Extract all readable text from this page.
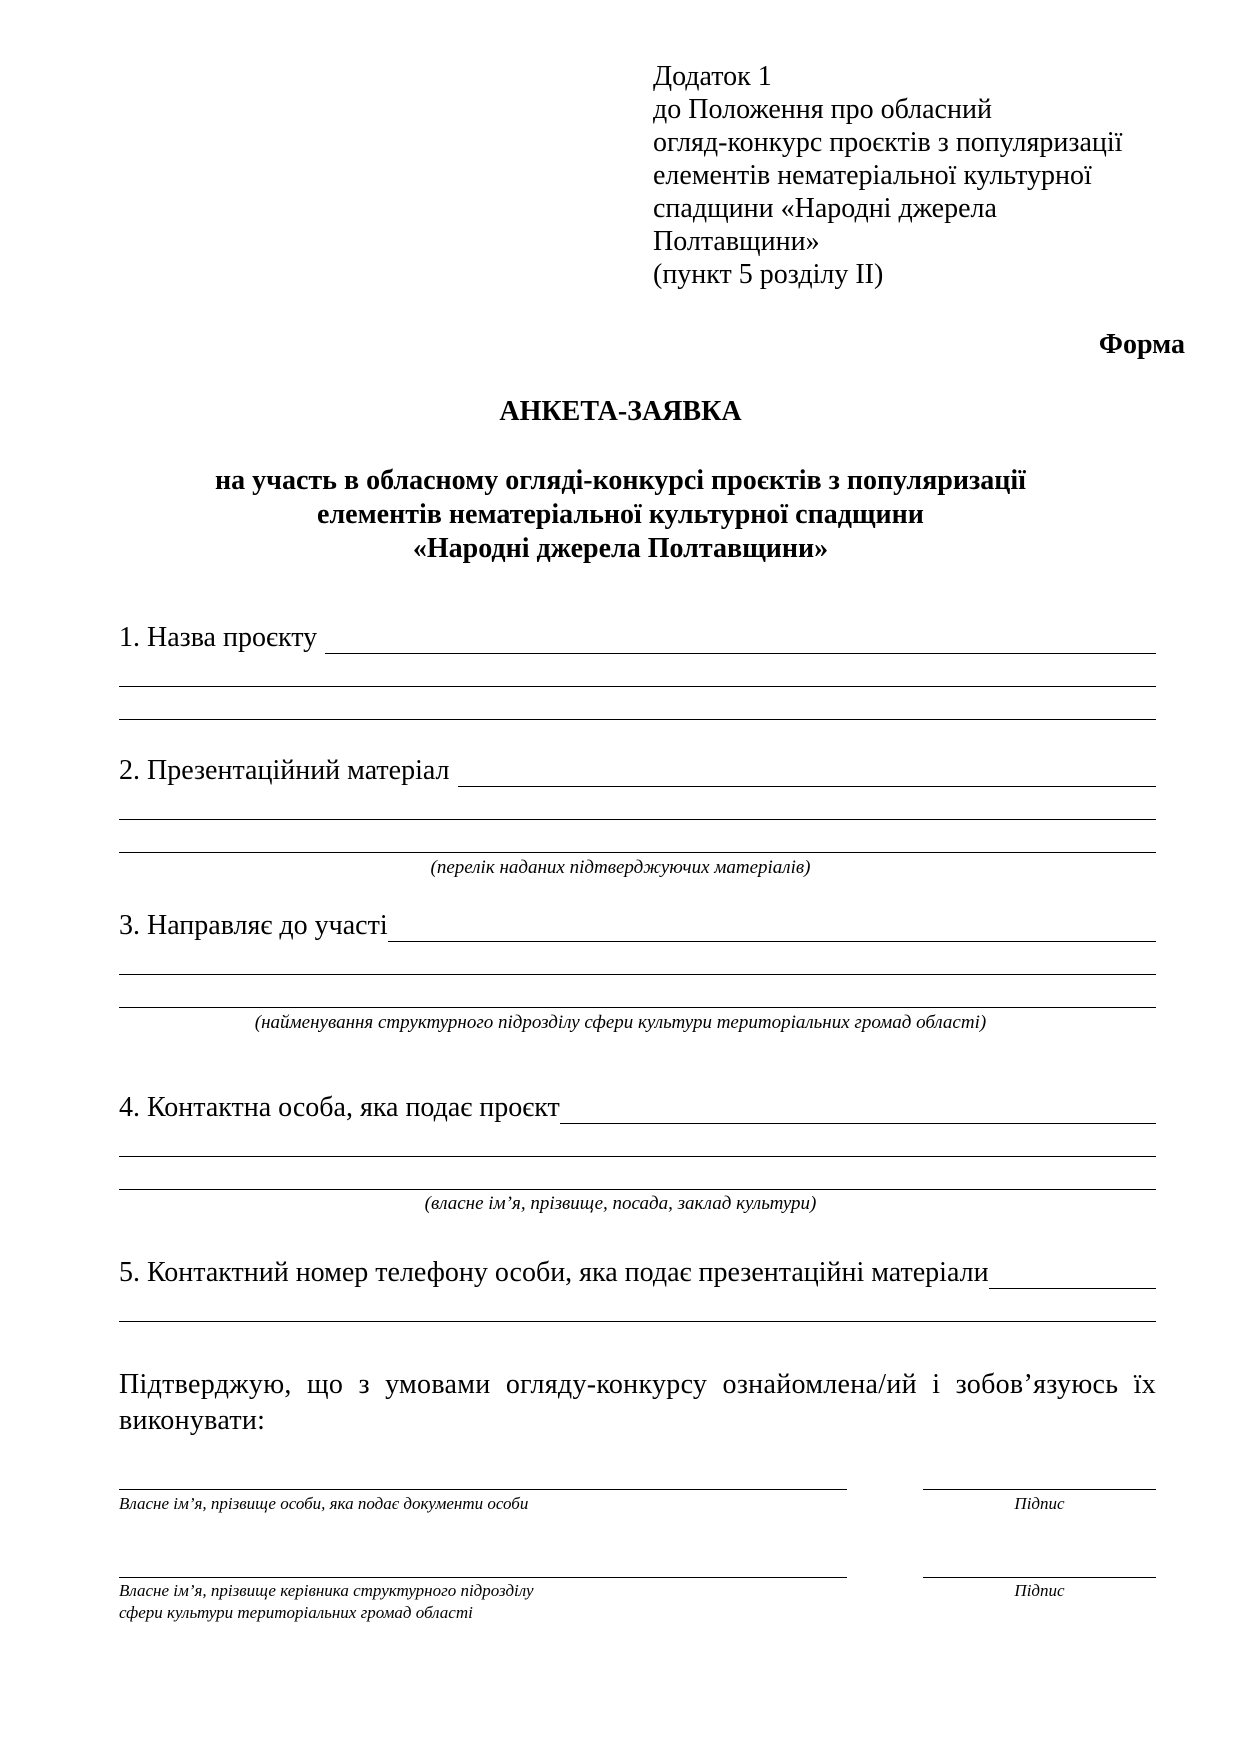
Додаток 1
до Положення про обласний
огляд-конкурс проєктів з популяризації
елементів нематеріальної культурної
спадщини «Народні джерела
Полтавщини»
(пункт 5 розділу ІІ)
Форма
АНКЕТА-ЗАЯВКА
на участь в обласному огляді-конкурсі проєктів з популяризації
елементів нематеріальної культурної спадщини
«Народні джерела Полтавщини»
1. Назва проєкту
2. Презентаційний матеріал
(перелік наданих підтверджуючих матеріалів)
3. Направляє до участі
(найменування структурного підрозділу сфери культури територіальних громад області)
4. Контактна особа, яка подає проєкт
(власне ім’я, прізвище, посада, заклад культури)
5. Контактний номер телефону особи, яка подає презентаційні матеріали
Підтверджую, що з умовами огляду-конкурсу ознайомлена/ий і зобов’язуюсь їх виконувати:
Власне ім’я, прізвище особи, яка подає документи особи	Підпис
Власне ім’я, прізвище керівника структурного підрозділу
сфери культури територіальних громад області
Підпис
